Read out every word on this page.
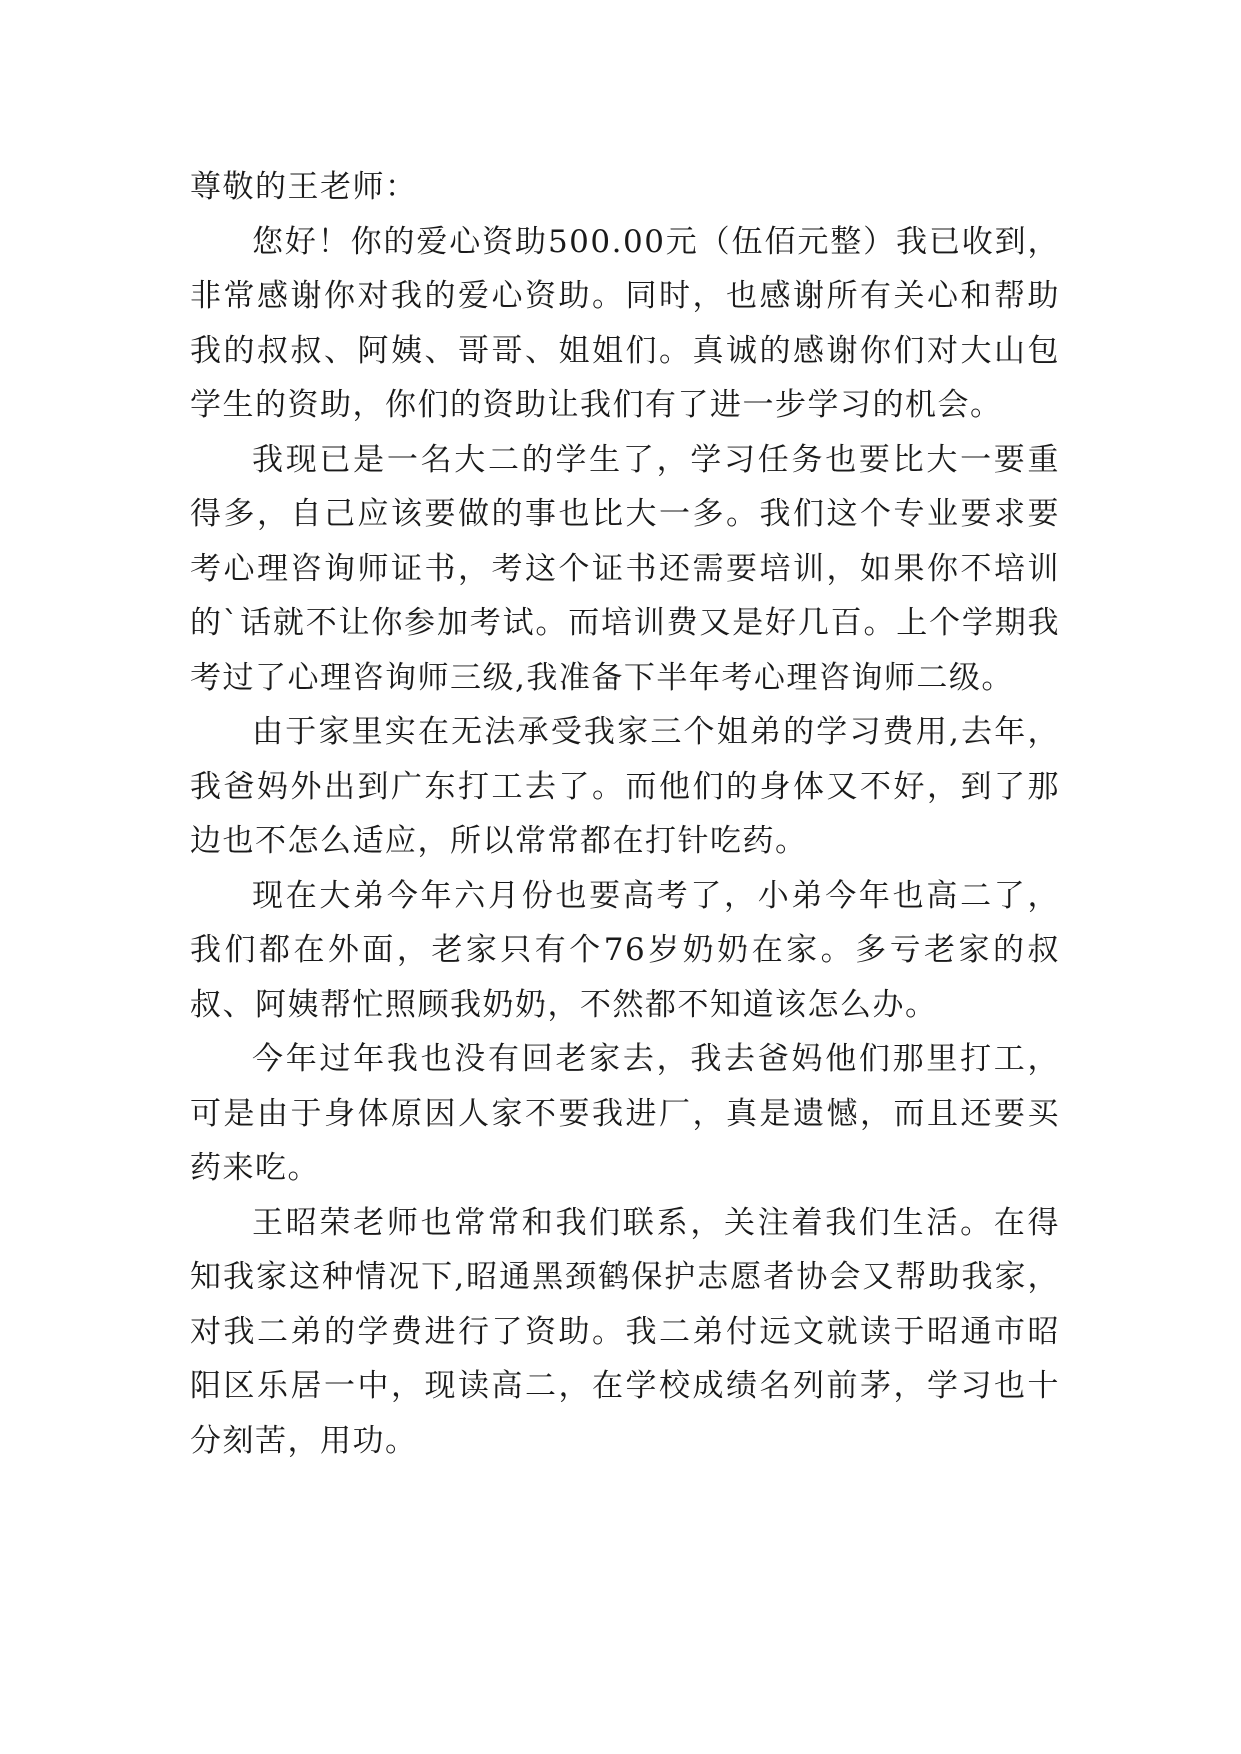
尊敬的王老师：

您好！你的爱心资助500.00元（伍佰元整）我已收到，非常感谢你对我的爱心资助。同时，也感谢所有关心和帮助我的叔叔、阿姨、哥哥、姐姐们。真诚的感谢你们对大山包学生的资助，你们的资助让我们有了进一步学习的机会。

我现已是一名大二的学生了，学习任务也要比大一要重得多，自己应该要做的事也比大一多。我们这个专业要求要考心理咨询师证书，考这个证书还需要培训，如果你不培训的`话就不让你参加考试。而培训费又是好几百。上个学期我考过了心理咨询师三级,我准备下半年考心理咨询师二级。

由于家里实在无法承受我家三个姐弟的学习费用,去年，我爸妈外出到广东打工去了。而他们的身体又不好，到了那边也不怎么适应，所以常常都在打针吃药。

现在大弟今年六月份也要高考了，小弟今年也高二了，我们都在外面，老家只有个76岁奶奶在家。多亏老家的叔叔、阿姨帮忙照顾我奶奶，不然都不知道该怎么办。

今年过年我也没有回老家去，我去爸妈他们那里打工，可是由于身体原因人家不要我进厂，真是遗憾，而且还要买药来吃。

王昭荣老师也常常和我们联系，关注着我们生活。在得知我家这种情况下,昭通黑颈鹤保护志愿者协会又帮助我家，对我二弟的学费进行了资助。我二弟付远文就读于昭通市昭阳区乐居一中，现读高二，在学校成绩名列前茅，学习也十分刻苦，用功。
